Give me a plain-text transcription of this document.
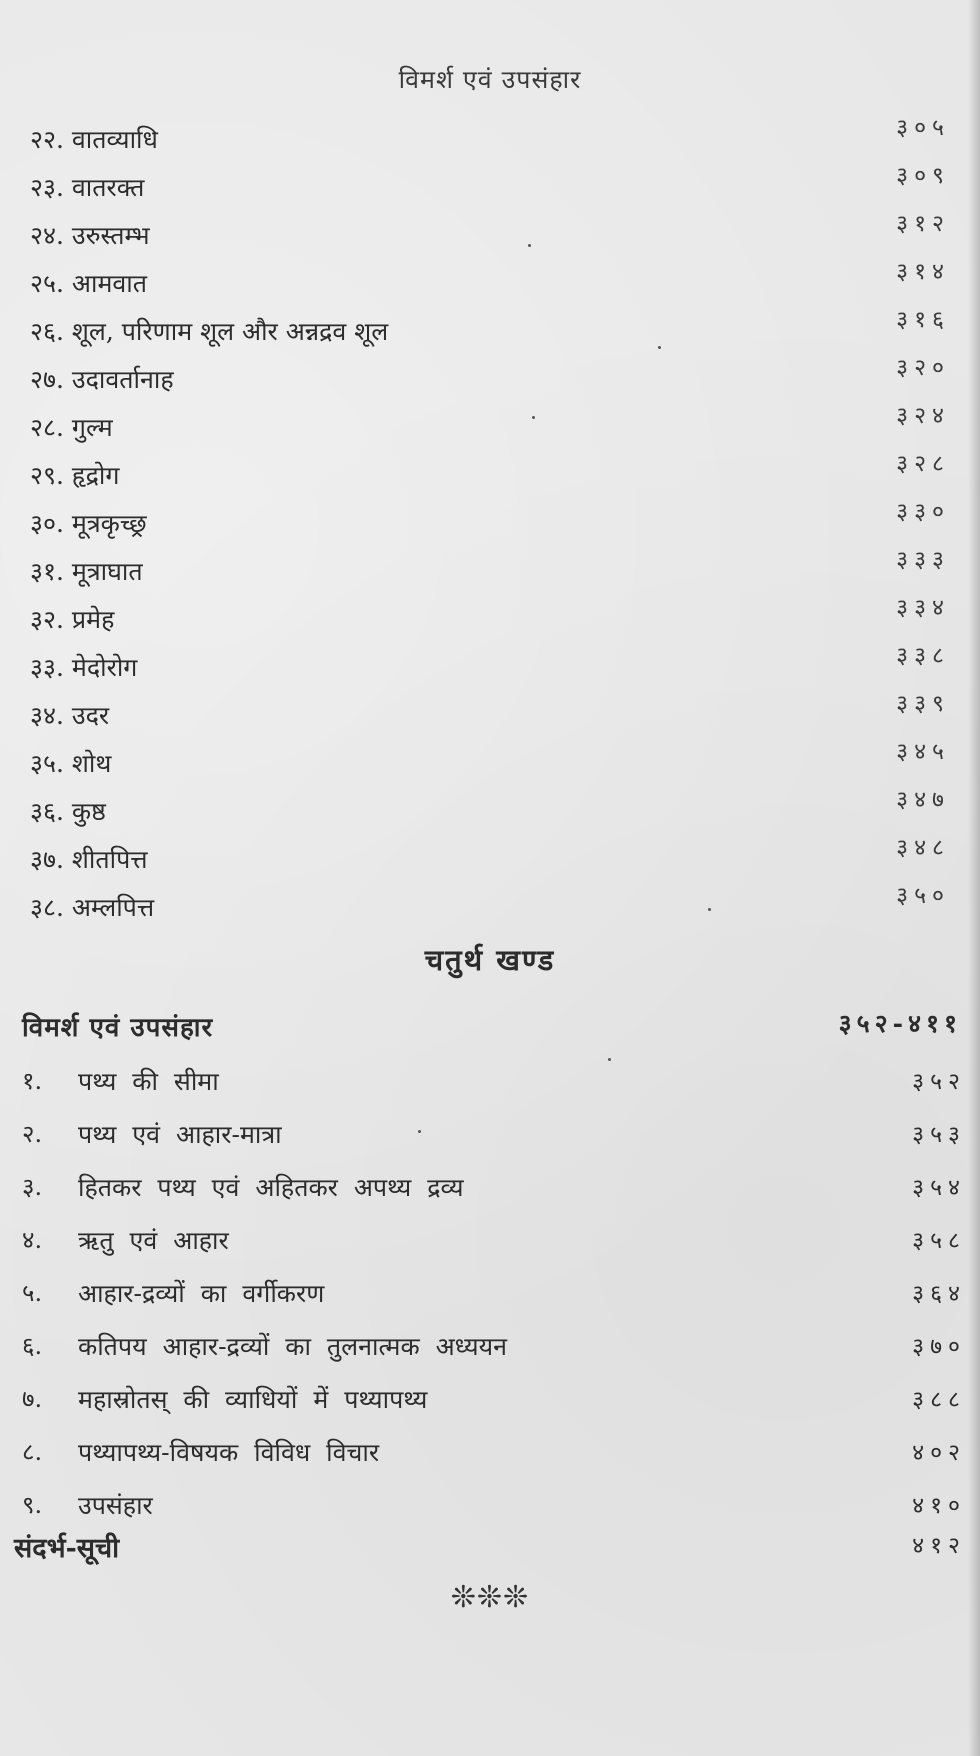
विमर्श एवं उपसंहार
२२. वातव्याधि	३०५
२३. वातरक्त	३०९
२४. उरुस्तम्भ	३१२
२५. आमवात	३१४
२६. शूल, परिणाम शूल और अन्नद्रव शूल	३१६
२७. उदावर्तानाह	३२०
२८. गुल्म	३२४
२९. हृद्रोग	३२८
३०. मूत्रकृच्छ्र	३३०
३१. मूत्राघात	३३३
३२. प्रमेह	३३४
३३. मेदोरोग	३३८
३४. उदर	३३९
३५. शोथ	३४५
३६. कुष्ठ	३४७
३७. शीतपित्त	३४८
३८. अम्लपित्त	३५०
चतुर्थ खण्ड
विमर्श एवं उपसंहार	३५२-४११
१. पथ्य की सीमा	३५२
२. पथ्य एवं आहार-मात्रा	३५३
३. हितकर पथ्य एवं अहितकर अपथ्य द्रव्य	३५४
४. ऋतु एवं आहार	३५८
५. आहार-द्रव्यों का वर्गीकरण	३६४
६. कतिपय आहार-द्रव्यों का तुलनात्मक अध्ययन	३७०
७. महास्रोतस् की व्याधियों में पथ्यापथ्य	३८८
८. पथ्यापथ्य-विषयक विविध विचार	४०२
९. उपसंहार	४१०
संदर्भ-सूची	४१२
❊❊❊
